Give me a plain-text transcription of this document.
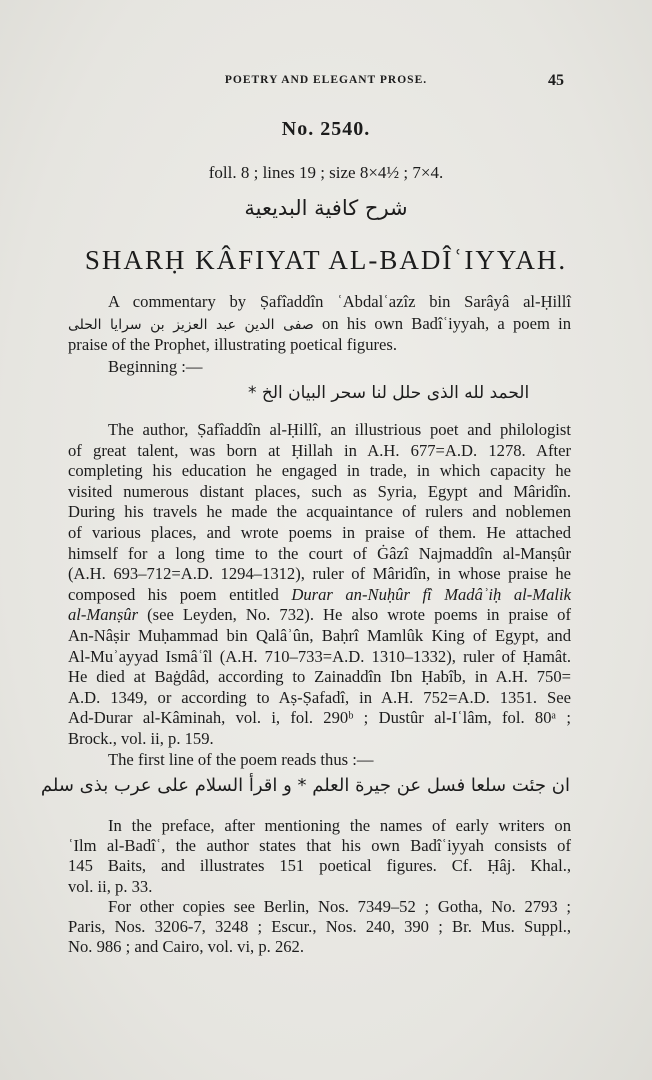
POETRY AND ELEGANT PROSE.	45
No. 2540.
foll. 8 ; lines 19 ; size 8×4½ ; 7×4.
شرح كافية البديعية
SHARḤ KÂFIYAT AL-BADÎʿIYYAH.
الحمد لله الذى حلل لنا سحر البيان الخ *
ان جئت سلعا فسل عن جيرة العلم * و اقرأ السلام على عرب بذى سلم
A commentary by Ṣafîaddîn ʿAbdalʿazîz bin Sarâyâ al-Ḥillî
صفى الدين عبد العزيز بن سرايا الحلى on his own Badîʿiyyah, a poem in
praise of the Prophet, illustrating poetical figures.
Beginning :—
The author, Ṣafîaddîn al-Ḥillî, an illustrious poet and philologist
of great talent, was born at Ḥillah in A.H. 677=A.D. 1278. After
completing his education he engaged in trade, in which capacity he
visited numerous distant places, such as Syria, Egypt and Mâridîn.
During his travels he made the acquaintance of rulers and noblemen
of various places, and wrote poems in praise of them. He attached
himself for a long time to the court of Ġâzî Najmaddîn al-Manṣûr
(A.H. 693–712=A.D. 1294–1312), ruler of Mâridîn, in whose praise he
composed his poem entitled Durar an-Nuḥûr fî Madâʾiḥ al-Malik
al-Manṣûr (see Leyden, No. 732). He also wrote poems in praise of
An-Nâṣir Muḥammad bin Qalâʾûn, Baḥrî Mamlûk King of Egypt, and
Al-Muʾayyad Ismâʿîl (A.H. 710–733=A.D. 1310–1332), ruler of Ḥamât.
He died at Baġdâd, according to Zainaddîn Ibn Ḥabîb, in A.H. 750=
A.D. 1349, or according to Aṣ-Ṣafadî, in A.H. 752=A.D. 1351. See
Ad-Durar al-Kâminah, vol. i, fol. 290ᵇ ; Dustûr al-Iʿlâm, fol. 80ᵃ ;
Brock., vol. ii, p. 159.
The first line of the poem reads thus :—
In the preface, after mentioning the names of early writers on
ʿIlm al-Badîʿ, the author states that his own Badîʿiyyah consists of
145 Baits, and illustrates 151 poetical figures. Cf. Ḥâj. Khal.,
vol. ii, p. 33.
For other copies see Berlin, Nos. 7349–52 ; Gotha, No. 2793 ;
Paris, Nos. 3206-7, 3248 ; Escur., Nos. 240, 390 ; Br. Mus. Suppl.,
No. 986 ; and Cairo, vol. vi, p. 262.
